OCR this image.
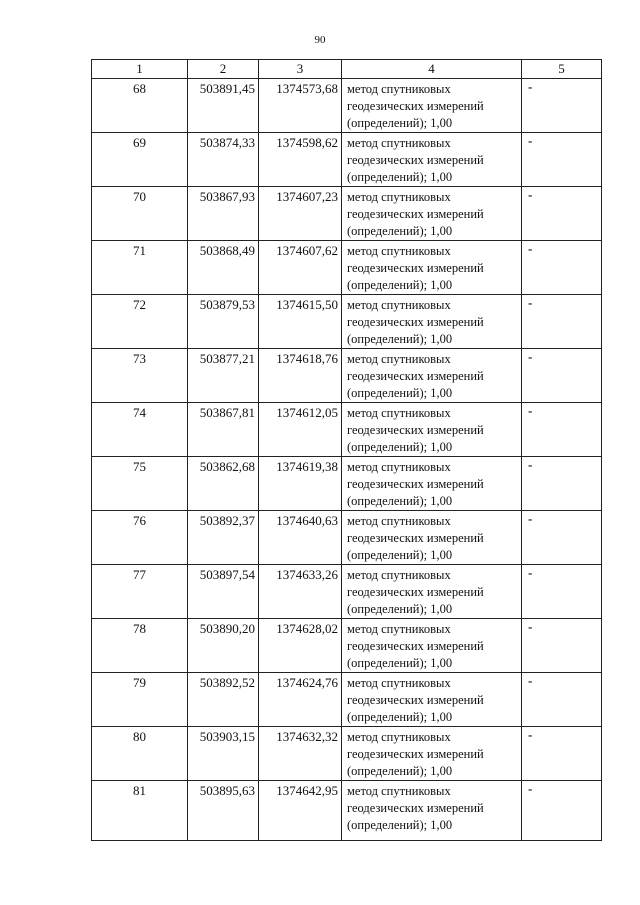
90
1	2	3	4	5
68	503891,45	1374573,68	метод спутниковых
геодезических измерений
(определений); 1,00	-
69	503874,33	1374598,62	метод спутниковых
геодезических измерений
(определений); 1,00	-
70	503867,93	1374607,23	метод спутниковых
геодезических измерений
(определений); 1,00	-
71	503868,49	1374607,62	метод спутниковых
геодезических измерений
(определений); 1,00	-
72	503879,53	1374615,50	метод спутниковых
геодезических измерений
(определений); 1,00	-
73	503877,21	1374618,76	метод спутниковых
геодезических измерений
(определений); 1,00	-
74	503867,81	1374612,05	метод спутниковых
геодезических измерений
(определений); 1,00	-
75	503862,68	1374619,38	метод спутниковых
геодезических измерений
(определений); 1,00	-
76	503892,37	1374640,63	метод спутниковых
геодезических измерений
(определений); 1,00	-
77	503897,54	1374633,26	метод спутниковых
геодезических измерений
(определений); 1,00	-
78	503890,20	1374628,02	метод спутниковых
геодезических измерений
(определений); 1,00	-
79	503892,52	1374624,76	метод спутниковых
геодезических измерений
(определений); 1,00	-
80	503903,15	1374632,32	метод спутниковых
геодезических измерений
(определений); 1,00	-
81	503895,63	1374642,95	метод спутниковых
геодезических измерений
(определений); 1,00	-
